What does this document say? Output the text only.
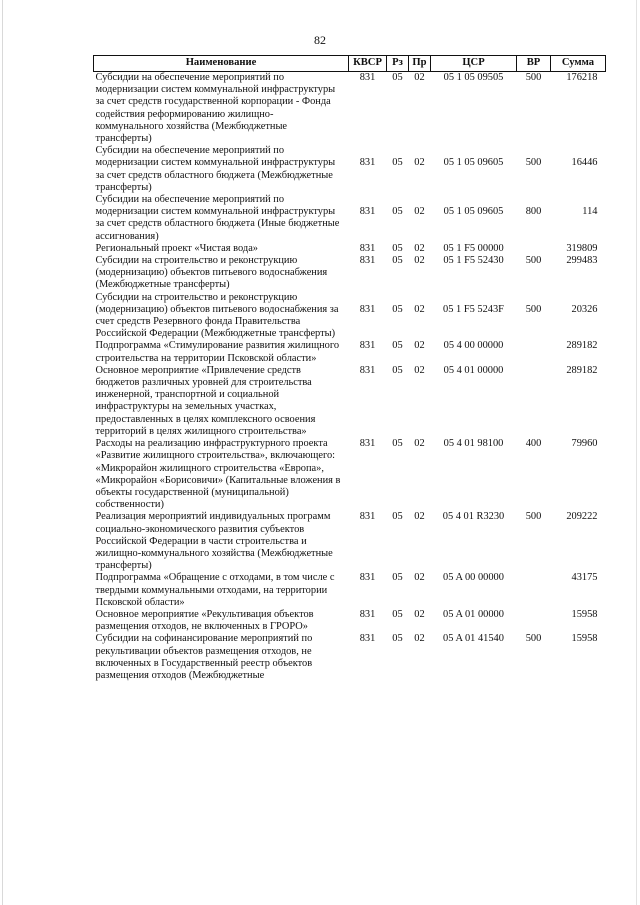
82
Наименование	КВСР	Рз	Пр	ЦСР	ВР	Сумма
Субсидии на обеспечение мероприятий по модернизации систем коммунальной инфраструктуры за счет средств государственной корпорации - Фонда содействия реформированию жилищно-коммунального хозяйства (Межбюджетные трансферты)	831	05	02	05 1 05 09505	500	176218
Субсидии на обеспечение мероприятий по модернизации систем коммунальной инфраструктуры за счет средств областного бюджета (Межбюджетные трансферты)	831	05	02	05 1 05 09605	500	16446
Субсидии на обеспечение мероприятий по модернизации систем коммунальной инфраструктуры за счет средств областного бюджета (Иные бюджетные ассигнования)	831	05	02	05 1 05 09605	800	114
Региональный проект «Чистая вода»	831	05	02	05 1 F5 00000		319809
Субсидии на строительство и реконструкцию (модернизацию) объектов питьевого водоснабжения (Межбюджетные трансферты)	831	05	02	05 1 F5 52430	500	299483
Субсидии на строительство и реконструкцию (модернизацию) объектов питьевого водоснабжения за счет средств Резервного фонда Правительства Российской Федерации (Межбюджетные трансферты)	831	05	02	05 1 F5 5243F	500	20326
Подпрограмма «Стимулирование развития жилищного строительства на территории Псковской области»	831	05	02	05 4 00 00000		289182
Основное мероприятие «Привлечение средств бюджетов различных уровней для строительства инженерной, транспортной и социальной инфраструктуры на земельных участках, предоставленных в целях комплексного освоения территорий в целях жилищного строительства»	831	05	02	05 4 01 00000		289182
Расходы на реализацию инфраструктурного проекта «Развитие жилищного строительства», включающего: «Микрорайон жилищного строительства «Европа», «Микрорайон «Борисовичи» (Капитальные вложения в объекты государственной (муниципальной) собственности)	831	05	02	05 4 01 98100	400	79960
Реализация мероприятий индивидуальных программ социально-экономического развития субъектов Российской Федерации в части строительства и жилищно-коммунального хозяйства (Межбюджетные трансферты)	831	05	02	05 4 01 R3230	500	209222
Подпрограмма «Обращение с отходами, в том числе с твердыми коммунальными отходами, на территории Псковской области»	831	05	02	05 A 00 00000		43175
Основное мероприятие «Рекультивация объектов размещения отходов, не включенных в ГРОРО»	831	05	02	05 A 01 00000		15958
Субсидии на софинансирование мероприятий по рекультивации объектов размещения отходов, не включенных в Государственный реестр объектов размещения отходов (Межбюджетные	831	05	02	05 A 01 41540	500	15958
